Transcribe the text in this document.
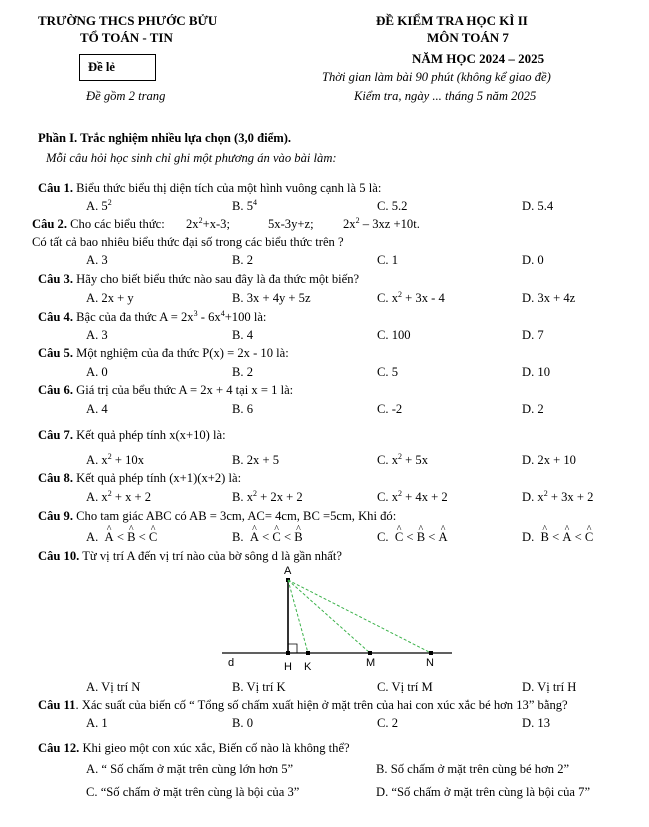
TRƯỜNG THCS PHƯỚC BỬU
TỔ TOÁN - TIN
Đề lẻ
Đề gồm 2 trang
ĐỀ KIỂM TRA HỌC KÌ II
MÔN TOÁN 7
NĂM HỌC 2024 – 2025
Thời gian làm bài 90 phút (không kể giao đề)
Kiểm tra, ngày ... tháng 5 năm 2025
Phần I. Trắc nghiệm nhiều lựa chọn (3,0 điểm).
Mỗi câu hỏi học sinh chỉ ghi một phương án vào bài làm:
Câu 1. Biểu thức biểu thị diện tích của một hình vuông cạnh là 5 là:
A. $5^2$	B. $5^4$	C. 5.2	D. 5.4
Câu 2. Cho các biểu thức: $2x^2+x-3$;	5x-3y+z; $2x^2 - 3xz +10t$.
Có tất cả bao nhiêu biểu thức đại số trong các biểu thức trên ?
A. 3	B. 2	C. 1	D. 0
Câu 3. Hãy cho biết biểu thức nào sau đây là đa thức một biến?
A. 2x + y	B. 3x + 4y + 5z	C. $x^2 + 3x - 4$	D. 3x + 4z
Câu 4. Bậc của đa thức $A = 2x^3 - 6x^4+100$ là:
A. 3	B. 4	C. 100	D. 7
Câu 5. Một nghiệm của đa thức P(x) = 2x - 10 là:
A. 0	B. 2	C. 5	D. 10
Câu 6. Giá trị của bểu thức A = 2x + 4 tại x = 1 là:
A. 4	B. 6	C. -2	D. 2
Câu 7. Kết quả phép tính x(x+10) là:
A. $x^2 + 10x$	B. 2x + 5	C. $x^2 + 5x$	D. 2x + 10
Câu 8. Kết quả phép tính (x+1)(x+2) là:
A. $x^2 + x + 2$	B. $x^2 + 2x + 2$	C. $x^2 + 4x + 2$	D. $x^2 + 3x + 2$
Câu 9. Cho tam giác ABC có AB = 3cm, AC= 4cm, BC =5cm, Khi đó:
A. ^ A < ^ B < ^ C	B. ^ A < ^ C < ^ B	C. ^ C < ^ B < ^ A	D. ^ B < ^ A < ^ C
Câu 10. Từ vị trí A đến vị trí nào của bờ sông d là gần nhất?
A
d	H K	M	N
A. Vị trí N	B. Vị trí K	C. Vị trí M	D. Vị trí H
Câu 11. Xác suất của biến cố “ Tổng số chấm xuất hiện ở mặt trên của hai con xúc xắc bé hơn 13” bằng?
A. 1	B. 0	C. 2	D. 13
Câu 12. Khi gieo một con xúc xắc, Biến cố nào là không thể?
A. “ Số chấm ở mặt trên cùng lớn hơn 5”	B. Số chấm ở mặt trên cùng bé hơn 2”
C. “Số chấm ở mặt trên cùng là bội của 3”	D. “Số chấm ở mặt trên cùng là bội của 7”
